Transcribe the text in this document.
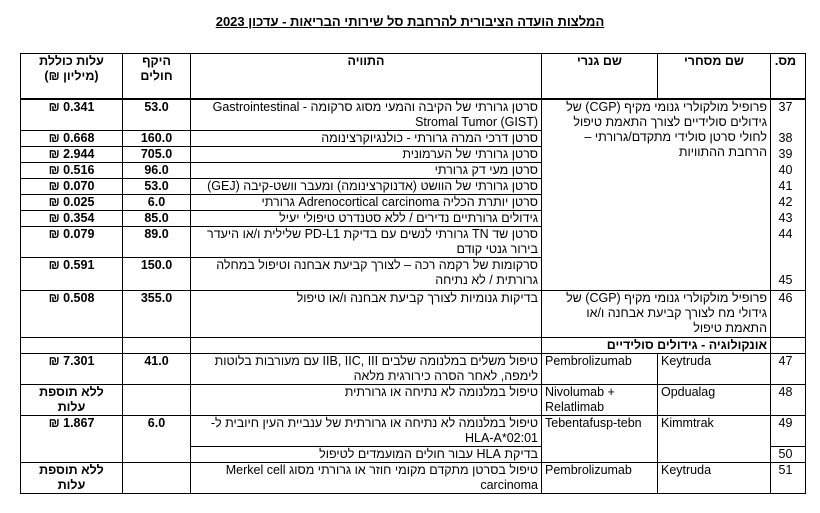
המלצות הועדה הציבורית להרחבת סל שירותי הבריאות - עדכון 2023
מס.	שם מסחרי	שם גנרי	התוויה	היקף חולים	עלות כוללת (מיליון ₪)
37	פרופיל מולקולרי גנומי מקיף (CGP) של גידולים סולידיים לצורך התאמת טיפול לחולי סרטן סולידי מתקדם/גרורתי – הרחבת ההתוויות		סרטן גרורתי של הקיבה והמעי מסוג סרקומה - Gastrointestinal Stromal Tumor (GIST)	53.0	0.341 ₪
38			סרטן דרכי המרה גרורתי - כולנגיוקרצינומה	160.0	0.668 ₪
39			סרטן גרורתי של הערמונית	705.0	2.944 ₪
40			סרטן מעי דק גרורתי	96.0	0.516 ₪
41			סרטן גרורתי של הוושט (אדנוקרצינומה) ומעבר וושט-קיבה (GEJ)	53.0	0.070 ₪
42			סרטן יותרת הכליה Adrenocortical carcinoma גרורתי	6.0	0.025 ₪
43			גידולים גרורתיים נדירים / ללא סטנדרט טיפולי יעיל	85.0	0.354 ₪
44			סרטן שד TN גרורתי לנשים עם בדיקת PD-L1 שלילית ו/או היעדר בירור גנטי קודם	89.0	0.079 ₪
45			סרקומות של רקמה רכה – לצורך קביעת אבחנה וטיפול במחלה גרורתית / לא נתיחה	150.0	0.591 ₪
46	פרופיל מולקולרי גנומי מקיף (CGP) של גידולי מח לצורך קביעת אבחנה ו/או התאמת טיפול		בדיקות גנומיות לצורך קביעת אבחנה ו/או טיפול	355.0	0.508 ₪
	אונקולוגיה - גידולים סולידיים				
47	Keytruda	Pembrolizumab	טיפול משלים במלנומה שלבים IIB, IIC, III עם מעורבות בלוטות לימפה, לאחר הסרה כירורגית מלאה	41.0	7.301 ₪
48	Opdualag	Nivolumab + Relatlimab	טיפול במלנומה לא נתיחה או גרורתית		ללא תוספת עלות
49	Kimmtrak	Tebentafusp-tebn	טיפול במלנומה לא נתיחה או גרורתית של ענביית העין חיובית ל-HLA-A*02:01	6.0	1.867 ₪
50			בדיקת HLA עבור חולים המועמדים לטיפול		
51	Keytruda	Pembrolizumab	טיפול בסרטן מתקדם מקומי חוזר או גרורתי מסוג Merkel cell carcinoma		ללא תוספת עלות
